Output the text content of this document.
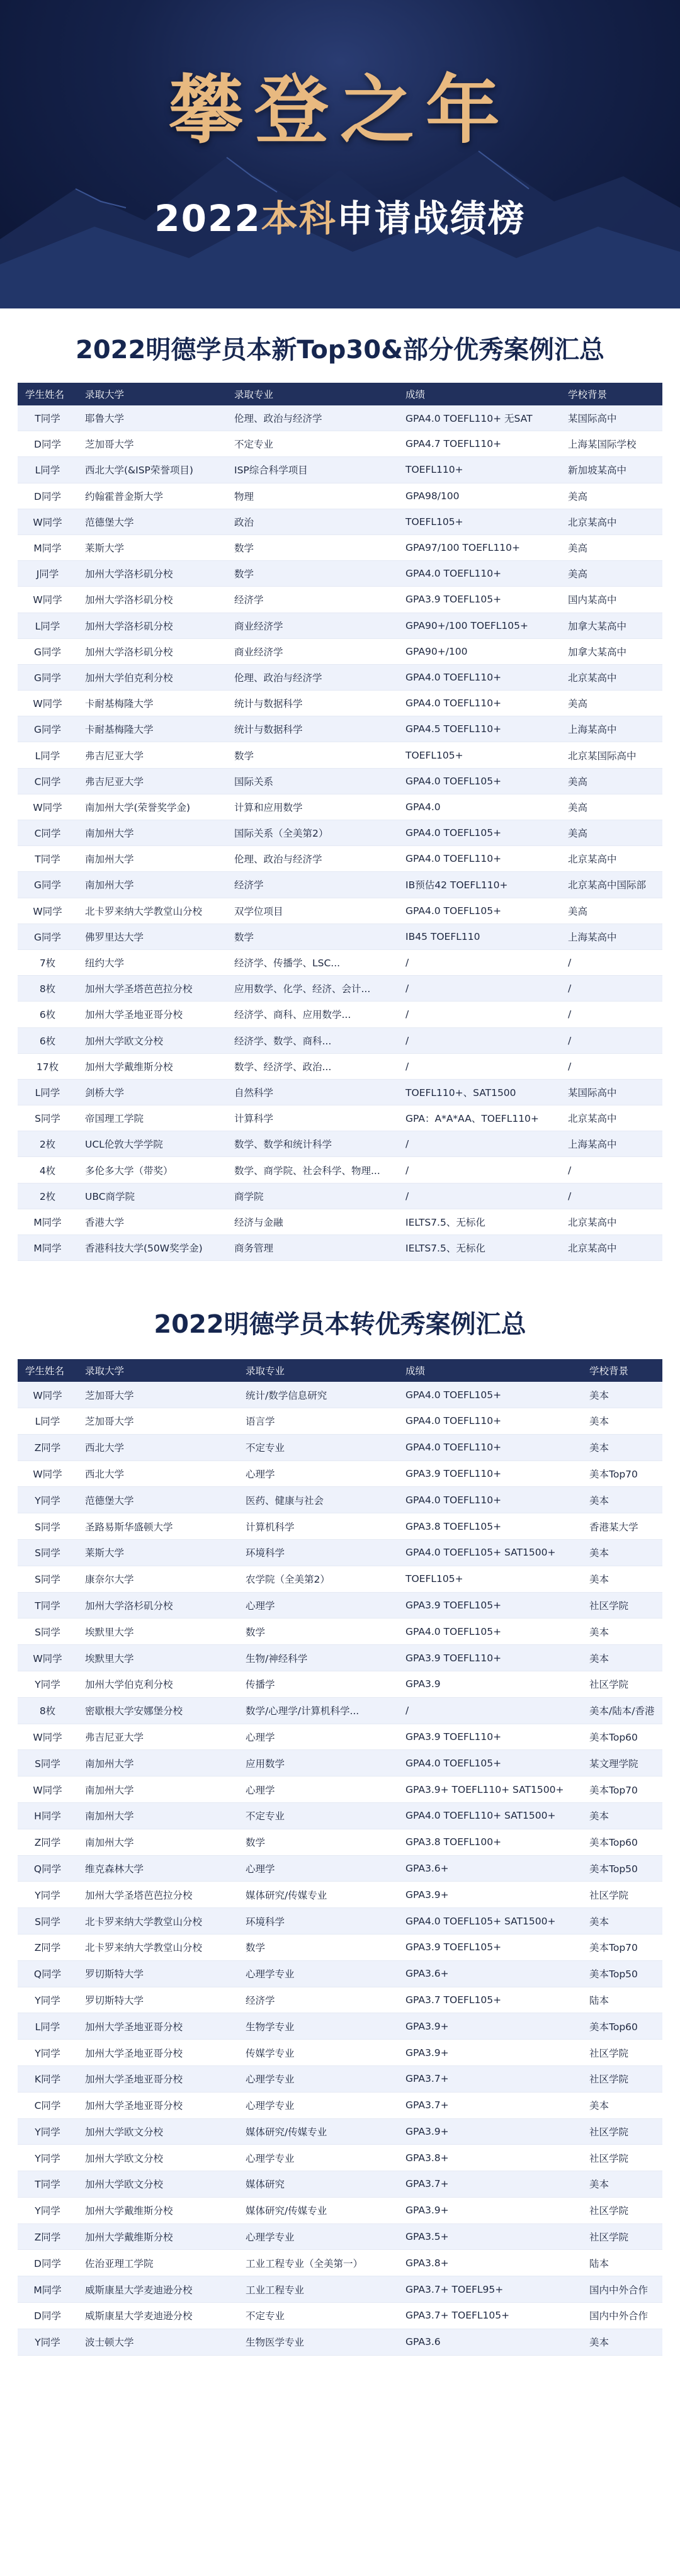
攀登之年
2022本科申请战绩榜
2022明德学员本新Top30&部分优秀案例汇总
学生姓名	录取大学	录取专业	成绩	学校背景
T同学	耶鲁大学	伦理、政治与经济学	GPA4.0 TOEFL110+ 无SAT	某国际高中
D同学	芝加哥大学	不定专业	GPA4.7 TOEFL110+	上海某国际学校
L同学	西北大学(&ISP荣誉项目)	ISP综合科学项目	TOEFL110+	新加坡某高中
D同学	约翰霍普金斯大学	物理	GPA98/100	美高
W同学	范德堡大学	政治	TOEFL105+	北京某高中
M同学	莱斯大学	数学	GPA97/100 TOEFL110+	美高
J同学	加州大学洛杉矶分校	数学	GPA4.0 TOEFL110+	美高
W同学	加州大学洛杉矶分校	经济学	GPA3.9 TOEFL105+	国内某高中
L同学	加州大学洛杉矶分校	商业经济学	GPA90+/100 TOEFL105+	加拿大某高中
G同学	加州大学洛杉矶分校	商业经济学	GPA90+/100	加拿大某高中
G同学	加州大学伯克利分校	伦理、政治与经济学	GPA4.0 TOEFL110+	北京某高中
W同学	卡耐基梅隆大学	统计与数据科学	GPA4.0 TOEFL110+	美高
G同学	卡耐基梅隆大学	统计与数据科学	GPA4.5 TOEFL110+	上海某高中
L同学	弗吉尼亚大学	数学	TOEFL105+	北京某国际高中
C同学	弗吉尼亚大学	国际关系	GPA4.0 TOEFL105+	美高
W同学	南加州大学(荣誉奖学金)	计算和应用数学	GPA4.0	美高
C同学	南加州大学	国际关系（全美第2）	GPA4.0 TOEFL105+	美高
T同学	南加州大学	伦理、政治与经济学	GPA4.0 TOEFL110+	北京某高中
G同学	南加州大学	经济学	IB预估42 TOEFL110+	北京某高中国际部
W同学	北卡罗来纳大学教堂山分校	双学位项目	GPA4.0 TOEFL105+	美高
G同学	佛罗里达大学	数学	IB45 TOEFL110	上海某高中
7枚	纽约大学	经济学、传播学、LSC...	/	/
8枚	加州大学圣塔芭芭拉分校	应用数学、化学、经济、会计...	/	/
6枚	加州大学圣地亚哥分校	经济学、商科、应用数学...	/	/
6枚	加州大学欧文分校	经济学、数学、商科...	/	/
17枚	加州大学戴维斯分校	数学、经济学、政治...	/	/
L同学	剑桥大学	自然科学	TOEFL110+、SAT1500	某国际高中
S同学	帝国理工学院	计算科学	GPA：A*A*AA、TOEFL110+	北京某高中
2枚	UCL伦敦大学学院	数学、数学和统计科学	/	上海某高中
4枚	多伦多大学（带奖）	数学、商学院、社会科学、物理...	/	/
2枚	UBC商学院	商学院	/	/
M同学	香港大学	经济与金融	IELTS7.5、无标化	北京某高中
M同学	香港科技大学(50W奖学金)	商务管理	IELTS7.5、无标化	北京某高中
2022明德学员本转优秀案例汇总
学生姓名	录取大学	录取专业	成绩	学校背景
W同学	芝加哥大学	统计/数学信息研究	GPA4.0 TOEFL105+	美本
L同学	芝加哥大学	语言学	GPA4.0 TOEFL110+	美本
Z同学	西北大学	不定专业	GPA4.0 TOEFL110+	美本
W同学	西北大学	心理学	GPA3.9 TOEFL110+	美本Top70
Y同学	范德堡大学	医药、健康与社会	GPA4.0 TOEFL110+	美本
S同学	圣路易斯华盛顿大学	计算机科学	GPA3.8 TOEFL105+	香港某大学
S同学	莱斯大学	环境科学	GPA4.0 TOEFL105+ SAT1500+	美本
S同学	康奈尔大学	农学院（全美第2）	TOEFL105+	美本
T同学	加州大学洛杉矶分校	心理学	GPA3.9 TOEFL105+	社区学院
S同学	埃默里大学	数学	GPA4.0 TOEFL105+	美本
W同学	埃默里大学	生物/神经科学	GPA3.9 TOEFL110+	美本
Y同学	加州大学伯克利分校	传播学	GPA3.9	社区学院
8枚	密歇根大学安娜堡分校	数学/心理学/计算机科学...	/	美本/陆本/香港
W同学	弗吉尼亚大学	心理学	GPA3.9 TOEFL110+	美本Top60
S同学	南加州大学	应用数学	GPA4.0 TOEFL105+	某文理学院
W同学	南加州大学	心理学	GPA3.9+ TOEFL110+ SAT1500+	美本Top70
H同学	南加州大学	不定专业	GPA4.0 TOEFL110+ SAT1500+	美本
Z同学	南加州大学	数学	GPA3.8 TOEFL100+	美本Top60
Q同学	维克森林大学	心理学	GPA3.6+	美本Top50
Y同学	加州大学圣塔芭芭拉分校	媒体研究/传媒专业	GPA3.9+	社区学院
S同学	北卡罗来纳大学教堂山分校	环境科学	GPA4.0 TOEFL105+ SAT1500+	美本
Z同学	北卡罗来纳大学教堂山分校	数学	GPA3.9 TOEFL105+	美本Top70
Q同学	罗切斯特大学	心理学专业	GPA3.6+	美本Top50
Y同学	罗切斯特大学	经济学	GPA3.7 TOEFL105+	陆本
L同学	加州大学圣地亚哥分校	生物学专业	GPA3.9+	美本Top60
Y同学	加州大学圣地亚哥分校	传媒学专业	GPA3.9+	社区学院
K同学	加州大学圣地亚哥分校	心理学专业	GPA3.7+	社区学院
C同学	加州大学圣地亚哥分校	心理学专业	GPA3.7+	美本
Y同学	加州大学欧文分校	媒体研究/传媒专业	GPA3.9+	社区学院
Y同学	加州大学欧文分校	心理学专业	GPA3.8+	社区学院
T同学	加州大学欧文分校	媒体研究	GPA3.7+	美本
Y同学	加州大学戴维斯分校	媒体研究/传媒专业	GPA3.9+	社区学院
Z同学	加州大学戴维斯分校	心理学专业	GPA3.5+	社区学院
D同学	佐治亚理工学院	工业工程专业（全美第一）	GPA3.8+	陆本
M同学	威斯康星大学麦迪逊分校	工业工程专业	GPA3.7+ TOEFL95+	国内中外合作
D同学	威斯康星大学麦迪逊分校	不定专业	GPA3.7+ TOEFL105+	国内中外合作
Y同学	波士顿大学	生物医学专业	GPA3.6	美本
